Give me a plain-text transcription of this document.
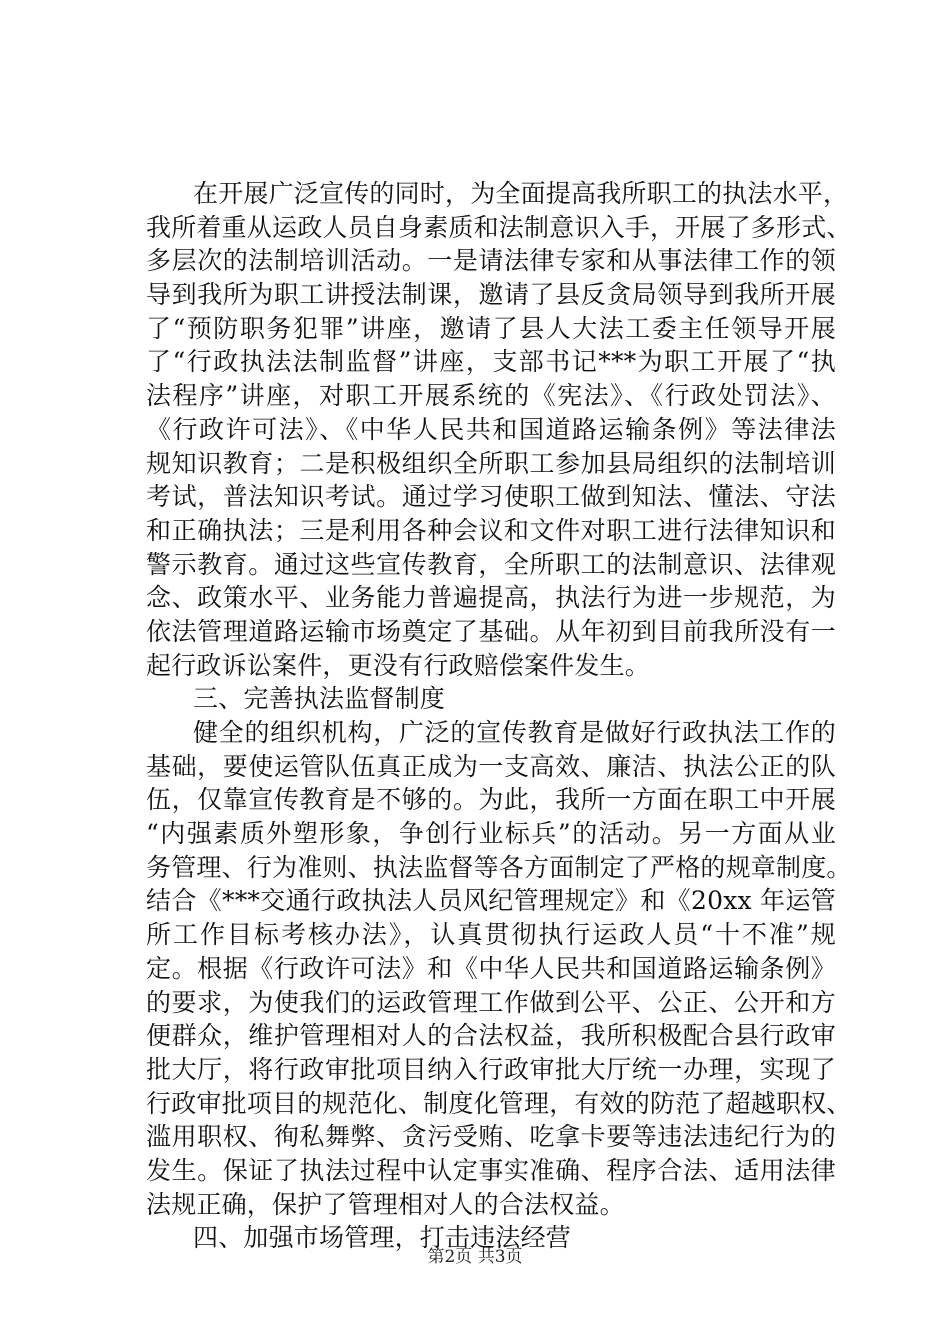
在开展广泛宣传的同时，为全面提高我所职工的执法水平，
我所着重从运政人员自身素质和法制意识入手，开展了多形式、
多层次的法制培训活动。一是请法律专家和从事法律工作的领
导到我所为职工讲授法制课，邀请了县反贪局领导到我所开展
了“预防职务犯罪”讲座，邀请了县人大法工委主任领导开展
了“行政执法法制监督”讲座，支部书记***为职工开展了“执
法程序”讲座，对职工开展系统的《宪法》、《行政处罚法》、
《行政许可法》、《中华人民共和国道路运输条例》等法律法
规知识教育；二是积极组织全所职工参加县局组织的法制培训
考试，普法知识考试。通过学习使职工做到知法、懂法、守法
和正确执法；三是利用各种会议和文件对职工进行法律知识和
警示教育。通过这些宣传教育，全所职工的法制意识、法律观
念、政策水平、业务能力普遍提高，执法行为进一步规范，为
依法管理道路运输市场奠定了基础。从年初到目前我所没有一
起行政诉讼案件，更没有行政赔偿案件发生。
三、完善执法监督制度
健全的组织机构，广泛的宣传教育是做好行政执法工作的
基础，要使运管队伍真正成为一支高效、廉洁、执法公正的队
伍，仅靠宣传教育是不够的。为此，我所一方面在职工中开展
“内强素质外塑形象，争创行业标兵”的活动。另一方面从业
务管理、行为准则、执法监督等各方面制定了严格的规章制度。
结合《***交通行政执法人员风纪管理规定》和《20xx 年运管
所工作目标考核办法》，认真贯彻执行运政人员“十不准”规
定。根据《行政许可法》和《中华人民共和国道路运输条例》
的要求，为使我们的运政管理工作做到公平、公正、公开和方
便群众，维护管理相对人的合法权益，我所积极配合县行政审
批大厅，将行政审批项目纳入行政审批大厅统一办理，实现了
行政审批项目的规范化、制度化管理，有效的防范了超越职权、
滥用职权、徇私舞弊、贪污受贿、吃拿卡要等违法违纪行为的
发生。保证了执法过程中认定事实准确、程序合法、适用法律
法规正确，保护了管理相对人的合法权益。
四、加强市场管理，打击违法经营
第2页 共3页
